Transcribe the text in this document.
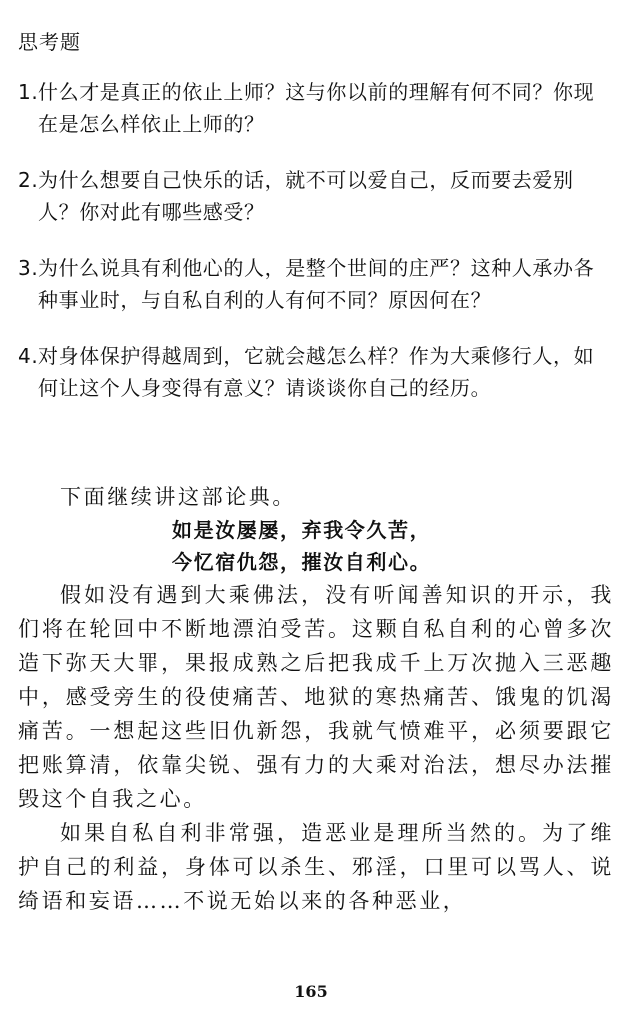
思考题
1. 什么才是真正的依止上师？这与你以前的理解有何不同？你现在是怎么样依止上师的？
2. 为什么想要自己快乐的话，就不可以爱自己，反而要去爱别人？你对此有哪些感受？
3. 为什么说具有利他心的人，是整个世间的庄严？这种人承办各种事业时，与自私自利的人有何不同？原因何在？
4. 对身体保护得越周到，它就会越怎么样？作为大乘修行人，如何让这个人身变得有意义？请谈谈你自己的经历。

下面继续讲这部论典。

如是汝屡屡，弃我令久苦，

今忆宿仇怨，摧汝自利心。

假如没有遇到大乘佛法，没有听闻善知识的开示，我们将在轮回中不断地漂泊受苦。这颗自私自利的心曾多次造下弥天大罪，果报成熟之后把我成千上万次抛入三恶趣中，感受旁生的役使痛苦、地狱的寒热痛苦、饿鬼的饥渴痛苦。一想起这些旧仇新怨，我就气愤难平，必须要跟它把账算清，依靠尖锐、强有力的大乘对治法，想尽办法摧毁这个自我之心。

如果自私自利非常强，造恶业是理所当然的。为了维护自己的利益，身体可以杀生、邪淫，口里可以骂人、说绮语和妄语……不说无始以来的各种恶业，

165
